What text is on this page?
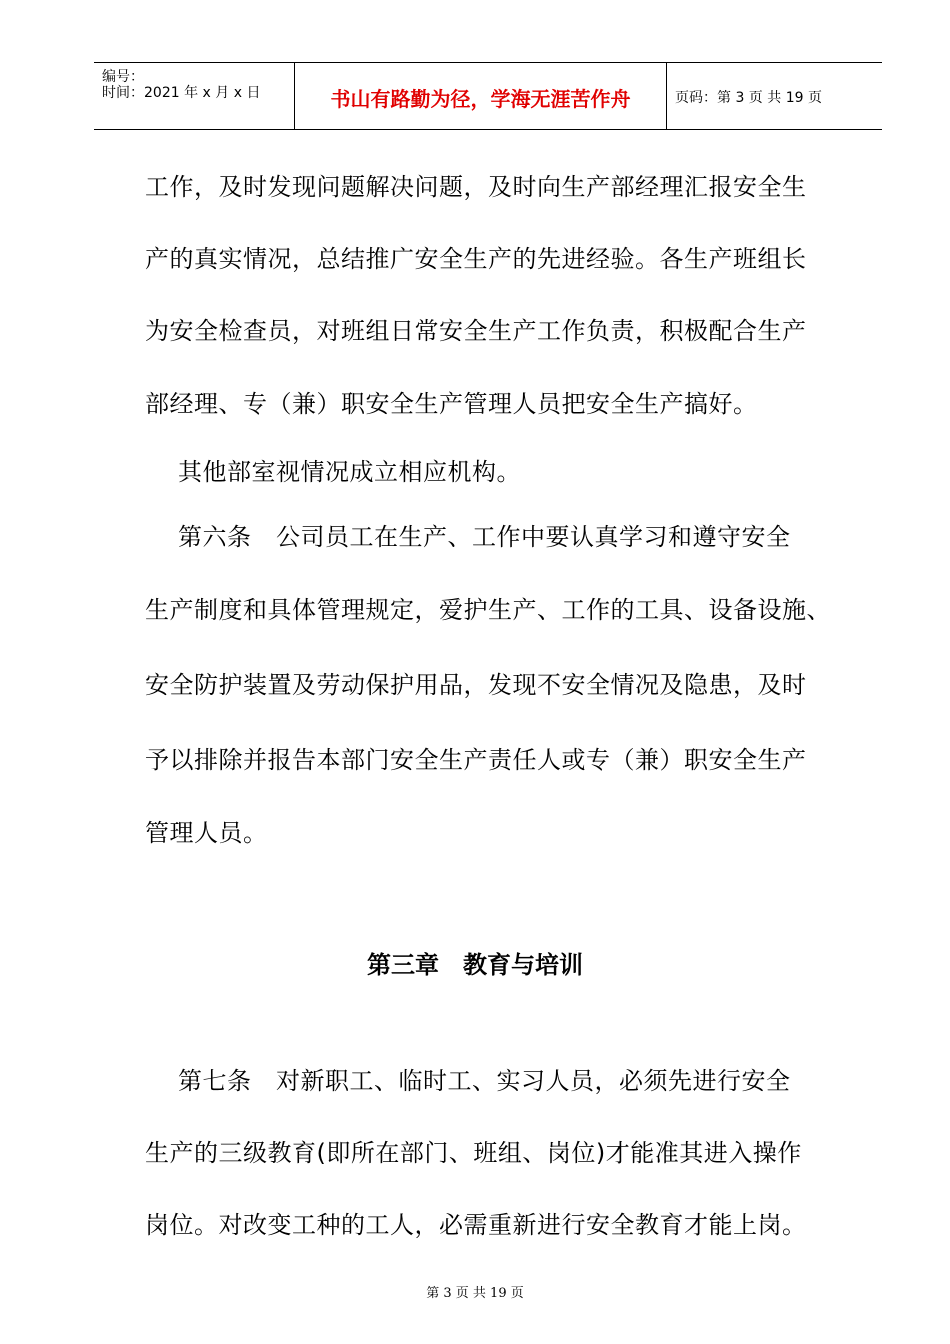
编号：
时间：2021 年 x 月 x 日	书山有路勤为径，学海无涯苦作舟	页码：第 3 页 共 19 页
工作，及时发现问题解决问题，及时向生产部经理汇报安全生
产的真实情况，总结推广安全生产的先进经验。各生产班组长
为安全检查员，对班组日常安全生产工作负责，积极配合生产
部经理、专（兼）职安全生产管理人员把安全生产搞好。
其他部室视情况成立相应机构。
第六条　公司员工在生产、工作中要认真学习和遵守安全
生产制度和具体管理规定，爱护生产、工作的工具、设备设施、
安全防护装置及劳动保护用品，发现不安全情况及隐患，及时
予以排除并报告本部门安全生产责任人或专（兼）职安全生产
管理人员。
第三章　教育与培训
第七条　对新职工、临时工、实习人员，必须先进行安全
生产的三级教育(即所在部门、班组、岗位)才能准其进入操作
岗位。对改变工种的工人，必需重新进行安全教育才能上岗。
第 3 页 共 19 页
